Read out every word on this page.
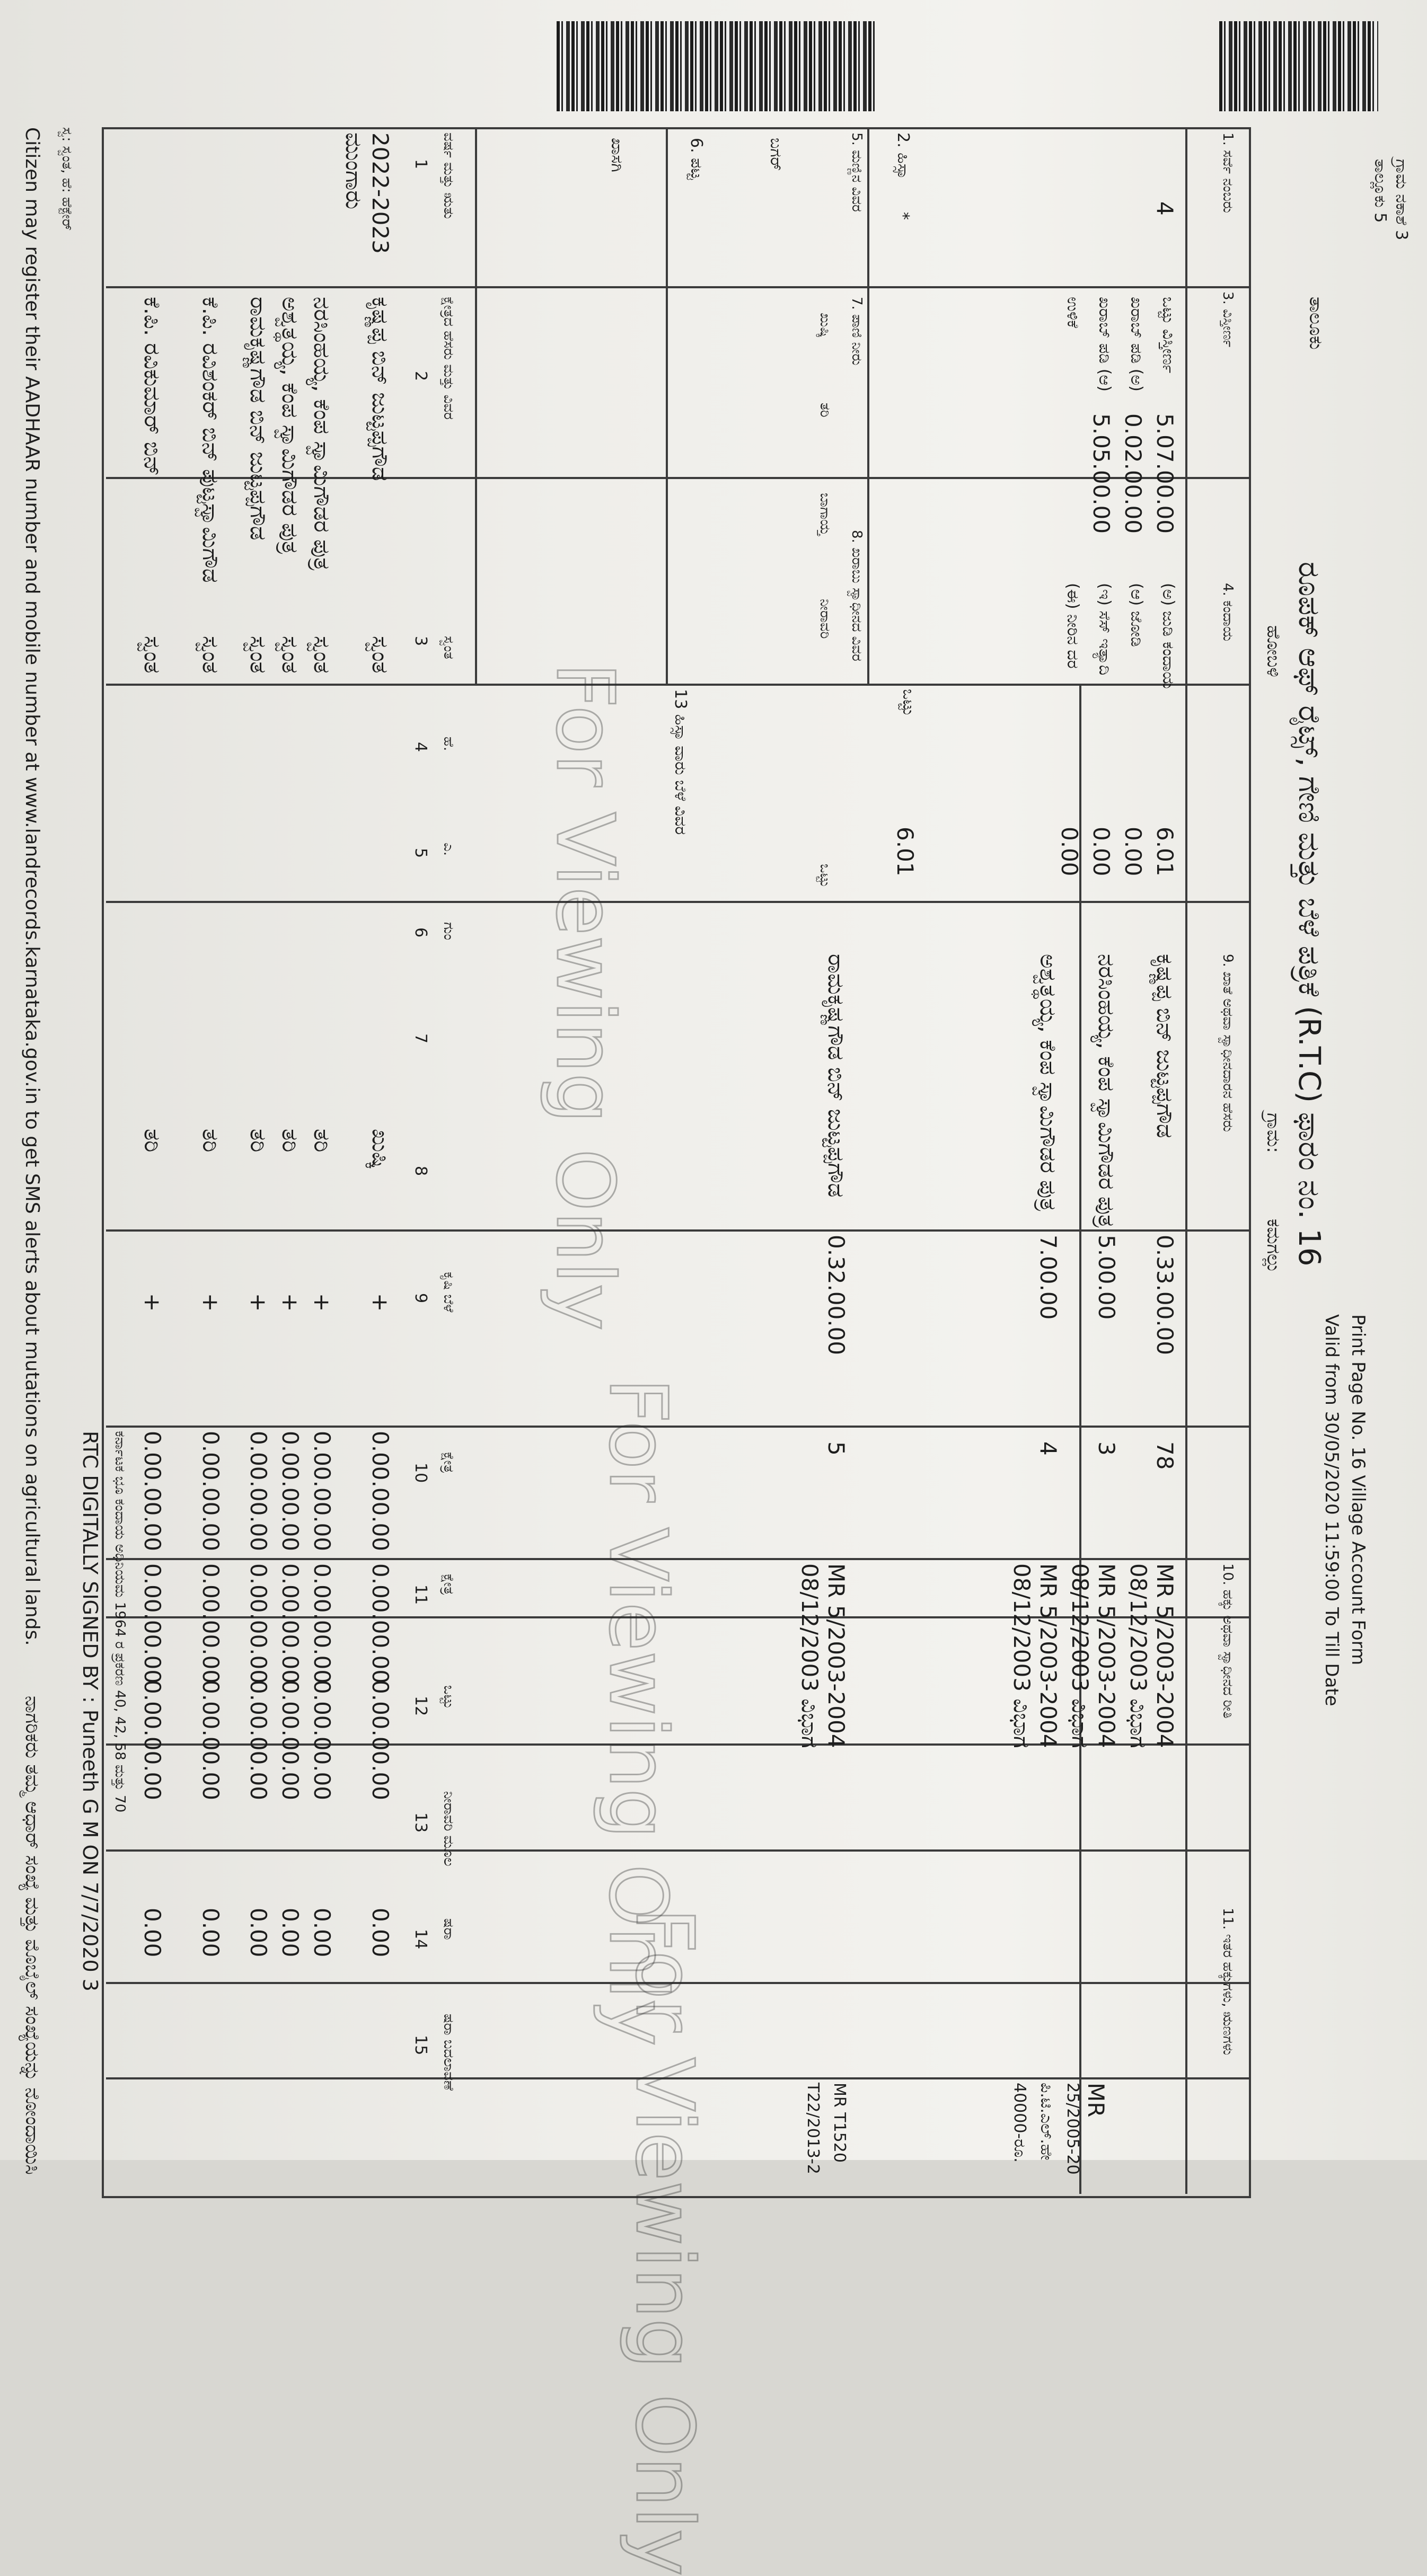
ರೂಪಕ್ ಆಫ್ ರೈಟ್ಸ್, ಗೇಣಿ ಮತ್ತು ಬೆಳೆ ಪತ್ರಿಕೆ (R.T.C) ಫಾರಂ ನಂ. 16
Print Page No. 16 Village Account Form
Valid from 30/05/2020 11:59:00 To Till Date
ಗ್ರಾಮ ನಕಾಶೆ 3
ತಾಲ್ಲೂಕು 5
ತಾಲೂಕು
ಹೋಬಳಿ
ಗ್ರಾಮ:
ಕಮಗಲ್ಲು
1. ಸರ್ವೆ ನಂಬರು
3. ವಿಸ್ತೀರ್ಣ
4. ಕಂದಾಯ
9. ಖಾತೆ ಅಥವಾ ಸ್ವಾಧೀನದಾರನ ಹೆಸರು
10. ಹಕ್ಕು ಅಥವಾ ಸ್ವಾಧೀನದ ರೀತಿ
11. ಇತರ ಹಕ್ಕುಗಳು, ಋಣಗಳು
4
2. ಹಿಸ್ಸಾ
*
ಒಟ್ಟು ವಿಸ್ತೀರ್ಣ
5.07.00.00
ಖರಾಬ್ ಪಡಿ (ಅ)
0.02.00.00
ಖರಾಬ್ ಪಡಿ (ಆ)
5.05.00.00
ಉಳಿಕೆ
(ಅ) ಜುಡಿ ಕಂದಾಯ
6.01
(ಆ) ಜೋಡಿ
0.00
(ಇ) ಸೆಸ್ ಇತ್ಯಾದಿ
0.00
(ಈ) ನೀರಿನ ದರ
0.00
ಒಟ್ಟು
6.01
5. ಮಣ್ಣಿನ ವಿವರ
7. ಪಾಣಿ ನೀರು
8. ಖರಾಬು ಸ್ವಾಧೀನದ ವಿವರ
ಖುಷ್ಕಿ
ತರಿ
ಬಾಗಾಯ್ತ
ನೀರಾವರಿ
ಒಟ್ಟು
ಬಗರ್
ಖಾಸಗಿ	6. ಪಟ್ಟ
ಕೃಷ್ಣಪ್ಪ ಬಿನ್ ಜುಟ್ಟಪ್ಪಗೌಡ
0.33.00.00
78
MR 5/2003-2004
08/12/2003 ವಿಭಾಗ
ನರಸಿಂಹಯ್ಯ, ಕೆಂಪ ಸ್ವಾಮಿಗೌಡರ ಪುತ್ರ
5.00.00
3
MR 5/2003-2004
08/12/2003 ವಿಭಾಗ
ಅಶ್ವತ್ಥಯ್ಯ, ಕೆಂಪ ಸ್ವಾಮಿಗೌಡರ ಪುತ್ರ
7.00.00
4
MR 5/2003-2004
08/12/2003 ವಿಭಾಗ
ರಾಮಕೃಷ್ಣಗೌಡ ಬಿನ್ ಜುಟ್ಟಪ್ಪಗೌಡ
0.32.00.00
5
MR 5/2003-2004
08/12/2003 ವಿಭಾಗ
MR
25/2005-20
ಪಿ.ಟಿ.ಎಲ್.ಹೇ
40000-ರೂ.
MR T1520
T22/2013-2
13 ಹಿಸ್ಸಾ ವಾರು ಬೆಳೆ ವಿವರ
ವರ್ಷ ಮತ್ತು ಋತು
1
ಕ್ಷೇತ್ರದ ಹೆಸರು ಮತ್ತು ವಿವರ
2
3
4
5
6
7
8
9
10
11
12
13
14
15
ಕ್ಷೇತ್ರ
ಕ್ಷೇತ್ರ
ಒಟ್ಟು
ನೀರಾವರಿ ಮೂಲ
ಷರಾ
ಷರಾ ಬದಲಾವಣೆ
ಕೃಷಿ ಬೆಳೆ
ಸ್ವಂತ
ಹೆ.
ಎ.
ಗುಂ
2022-2023
ಮುಂಗಾರು
ಕೃಷ್ಣಪ್ಪ ಬಿನ್ ಜುಟ್ಟಪ್ಪಗೌಡ
ಸ್ವಂತ
ಖುಷ್ಕಿ
+
0.00.00.00
0.00.00.00
0.00.00.00
0.00
ನರಸಿಂಹಯ್ಯ, ಕೆಂಪ ಸ್ವಾಮಿಗೌಡರ ಪುತ್ರ
ಸ್ವಂತ
ತರಿ
+
0.00.00.00
0.00.00.00
0.00.00.00
0.00
ಅಶ್ವತ್ಥಯ್ಯ, ಕೆಂಪ ಸ್ವಾಮಿಗೌಡರ ಪುತ್ರ
ಸ್ವಂತ
ತರಿ
+
0.00.00.00
0.00.00.00
0.00.00.00
0.00
ರಾಮಕೃಷ್ಣಗೌಡ ಬಿನ್ ಜುಟ್ಟಪ್ಪಗೌಡ
ಸ್ವಂತ
ತರಿ
+
0.00.00.00
0.00.00.00
0.00.00.00
0.00
ಕೆ.ಪಿ. ರವಿಶಂಕರ್ ಬಿನ್ ಪುಟ್ಟಸ್ವಾಮಿಗೌಡ
ಸ್ವಂತ
ತರಿ
+
0.00.00.00
0.00.00.00
0.00.00.00
0.00
ಕೆ.ಪಿ. ರವಿಕುಮಾರ್ ಬಿನ್
ಸ್ವಂತ
ತರಿ
+
0.00.00.00
0.00.00.00
0.00.00.00
0.00
For Viewing Only
For Viewing Only
For Viewing Only
RTC DIGITALLY SIGNED BY : Puneeth G M ON 7/7/2020 3 ಕರ್ನಾಟಕ ಭೂ ಕಂದಾಯ ಅಧಿನಿಯಮ 1964 ರ ಪ್ರಕರಣ 40, 42, 58 ಮತ್ತು 70
ಸ್ವ: ಸ್ವಂತ, ಹೆ: ಹೆಕ್ಟೇರ್
Citizen may register their AADHAAR number and mobile number at www.landrecords.karnataka.gov.in to get SMS alerts about mutations on agricultural lands.
ನಾಗರಿಕರು ತಮ್ಮ ಆಧಾರ್ ಸಂಖ್ಯೆ ಮತ್ತು ಮೊಬೈಲ್ ಸಂಖ್ಯೆಯನ್ನು ನೋಂದಾಯಿಸಿ
